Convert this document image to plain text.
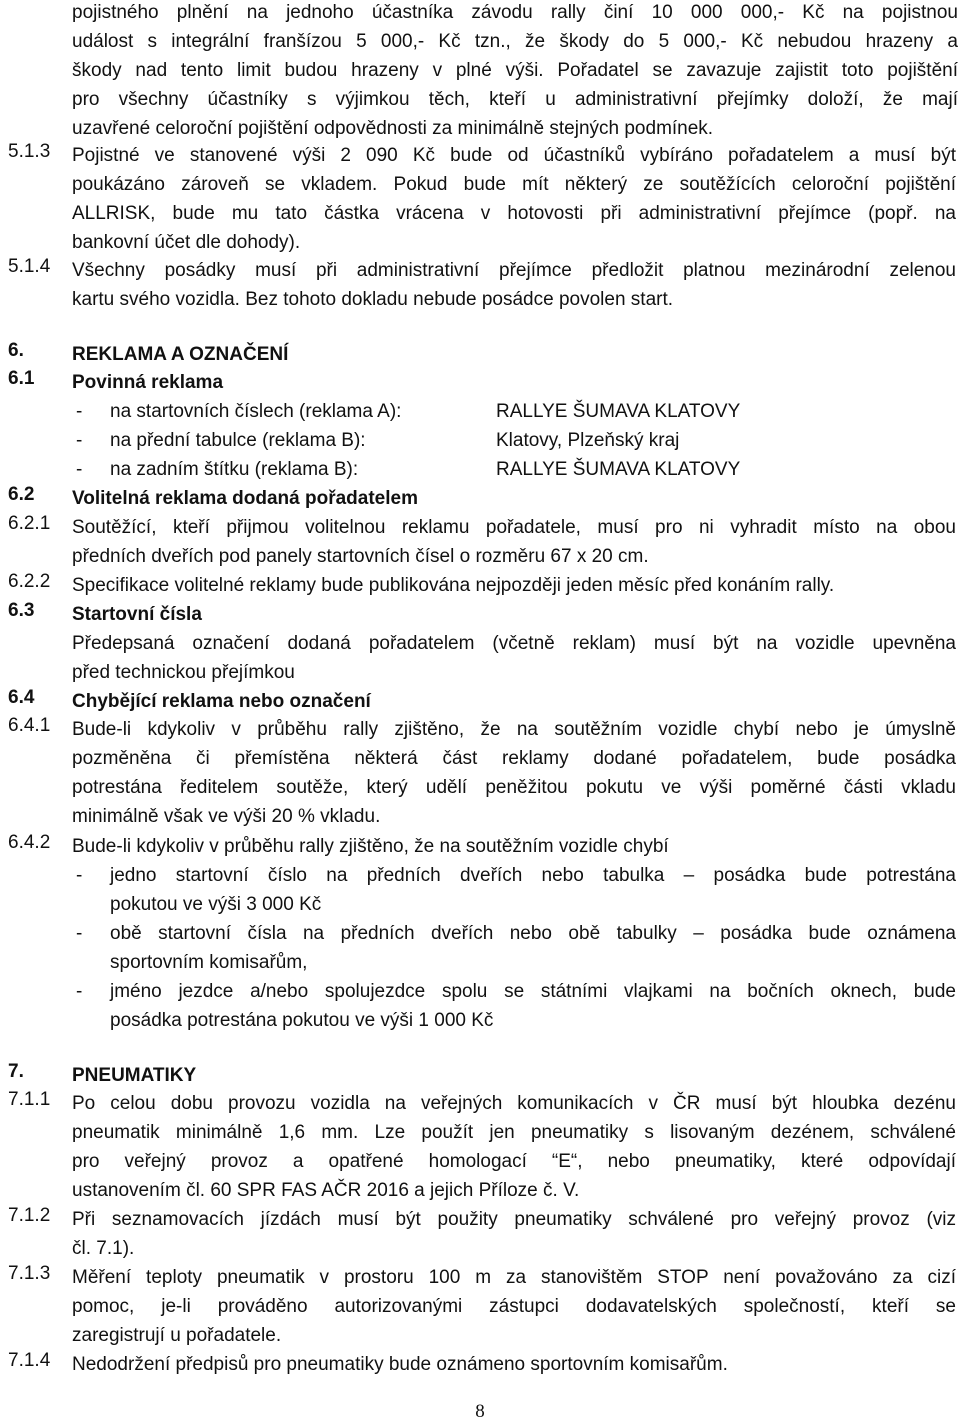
pojistného plnění na jednoho účastníka závodu rally činí 10 000 000,- Kč na pojistnou
událost s integrální franšízou 5 000,- Kč tzn., že škody do 5 000,- Kč nebudou hrazeny a
škody nad tento limit budou hrazeny v plné výši. Pořadatel se zavazuje zajistit toto pojištění
pro všechny účastníky s výjimkou těch, kteří u administrativní přejímky doloží, že mají
uzavřené celoroční pojištění odpovědnosti za minimálně stejných podmínek.
5.1.3	Pojistné ve stanovené výši 2 090 Kč bude od účastníků vybíráno pořadatelem a musí být
poukázáno zároveň se vkladem. Pokud bude mít některý ze soutěžících celoroční pojištění
ALLRISK, bude mu tato částka vrácena v hotovosti při administrativní přejímce (popř. na
bankovní účet dle dohody).
5.1.4	Všechny posádky musí při administrativní přejímce předložit platnou mezinárodní zelenou
kartu svého vozidla. Bez tohoto dokladu nebude posádce povolen start.
6.	REKLAMA A OZNAČENÍ
6.1	Povinná reklama
- na startovních číslech (reklama A):	RALLYE ŠUMAVA KLATOVY
- na přední tabulce (reklama B):	Klatovy, Plzeňský kraj
- na zadním štítku (reklama B):	RALLYE ŠUMAVA KLATOVY
6.2	Volitelná reklama dodaná pořadatelem
6.2.1	Soutěžící, kteří přijmou volitelnou reklamu pořadatele, musí pro ni vyhradit místo na obou
předních dveřích pod panely startovních čísel o rozměru 67 x 20 cm.
6.2.2	Specifikace volitelné reklamy bude publikována nejpozději jeden měsíc před konáním rally.
6.3	Startovní čísla
Předepsaná označení dodaná pořadatelem (včetně reklam) musí být na vozidle upevněna
před technickou přejímkou
6.4	Chybějící reklama nebo označení
6.4.1	Bude-li kdykoliv v průběhu rally zjištěno, že na soutěžním vozidle chybí nebo je úmyslně
pozměněna či přemístěna některá část reklamy dodané pořadatelem, bude posádka
potrestána ředitelem soutěže, který udělí peněžitou pokutu ve výši poměrné části vkladu
minimálně však ve výši 20 % vkladu.
6.4.2	Bude-li kdykoliv v průběhu rally zjištěno, že na soutěžním vozidle chybí
- jedno startovní číslo na předních dveřích nebo tabulka – posádka bude potrestána
pokutou ve výši 3 000 Kč
- obě startovní čísla na předních dveřích nebo obě tabulky – posádka bude oznámena
sportovním komisařům,
- jméno jezdce a/nebo spolujezdce spolu se státními vlajkami na bočních oknech, bude
posádka potrestána pokutou ve výši 1 000 Kč
7.	PNEUMATIKY
7.1.1	Po celou dobu provozu vozidla na veřejných komunikacích v ČR musí být hloubka dezénu
pneumatik minimálně 1,6 mm. Lze použít jen pneumatiky s lisovaným dezénem, schválené
pro veřejný provoz a opatřené homologací “E“, nebo pneumatiky, které odpovídají
ustanovením čl. 60 SPR FAS AČR 2016 a jejich Příloze č. V.
7.1.2	Při seznamovacích jízdách musí být použity pneumatiky schválené pro veřejný provoz (viz
čl. 7.1).
7.1.3	Měření teploty pneumatik v prostoru 100 m za stanovištěm STOP není považováno za cizí
pomoc, je-li prováděno autorizovanými zástupci dodavatelských společností, kteří se
zaregistrují u pořadatele.
7.1.4	Nedodržení předpisů pro pneumatiky bude oznámeno sportovním komisařům.
8
